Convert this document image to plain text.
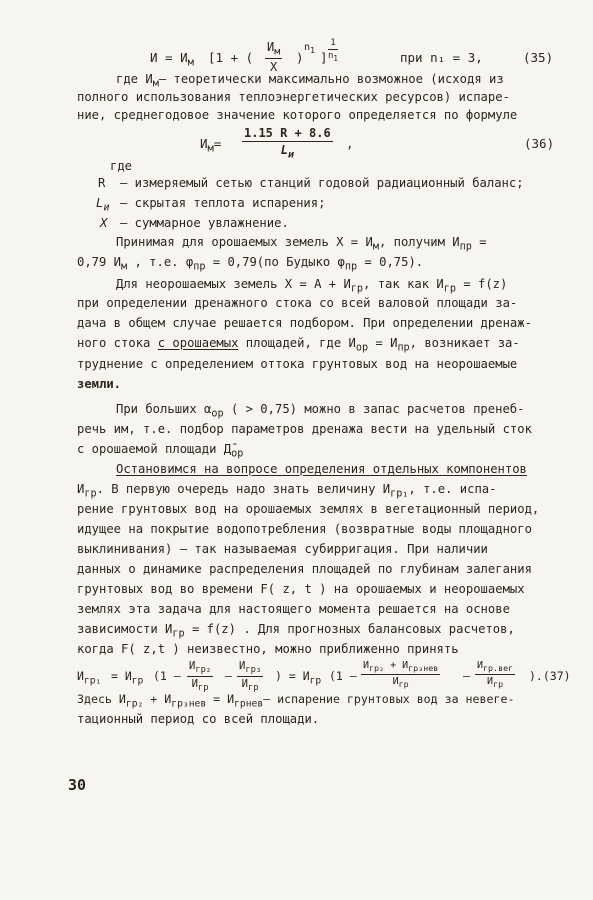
$И = И_м$ [1 + (
$И_м$
X
)
$n_1$ ] $\frac{1}{n_1}$	при n₁ = 3,	(35)
где $И_м-$ теоретически максимально возможное (исходя из
полного использования теплоэнергетических ресурсов) испаре-
ние, среднегодовое значение которого определяется по формуле
$И_м=$
1.15 R + 8.6
$L_и$
,	(36)
где
R – измеряемый сетью станций годовой радиационный баланс;
$L_и$ – скрытая теплота испарения;
X – суммарное увлажнение.
Принимая для орошаемых земель $X = И_м$, получим $И_{пр}$ =
0,79 $И_м$ , т.е. $\varphi_{пр} = 0,79(по$ Будыко $\varphi_{пр} = 0,75$).
Для неорошаемых земель $X = A + И_{гр}$, так как $И_{гр} = f(z)$
при определении дренажного стока со всей валовой площади за-
дача в общем случае решается подбором. При определении дренаж-
ного стока с орошаемых площадей, где $И_{ор} = И_{пр}$, возникает за-
труднение с определением оттока грунтовых вод на неорошаемые
земли.
При больших $\alpha_{ор}$ ( > 0,75) можно в запас расчетов пренеб-
речь им, т.е. подбор параметров дренажа вести на удельный сток
с орошаемой площади $Д̄_{ор}$
Остановимся на вопросе определения отдельных компонентов
$И_{гр}$. В первую очередь надо знать величину $И_{гр_1}$, т.е. испа-
рение грунтовых вод на орошаемых землях в вегетационный период,
идущее на покрытие водопотребления (возвратные воды площадного
выклинивания) – так называемая субирригация. При наличии
данных о динамике распределения площадей по глубинам залегания
грунтовых вод во времени F( z, t ) на орошаемых и неорошаемых
землях эта задача для настоящего момента решается на основе
зависимости $И_{гр} = f(z)$ . Для прогнозных балансовых расчетов,
когда F( z,t ) неизвестно, можно приближенно принять
$И_{гр_1} = И_{гр}$ (1 –
$И_{гр_2}$
$И_{гр}$
–
$И_{гр_3}$
$И_{гр}$
) = $И_{гр}$ (1 –
$И_{гр_2} + И_{гр_3нев}$
$И_{гр}$
–
$И_{гр.вег}$
$И_{гр}$
).(37)
Здесь $И_{гр_2} + И_{гр_3нев} = И_{грнев}-$ испарение грунтовых вод за невеге-
тационный период со всей площади.
30
